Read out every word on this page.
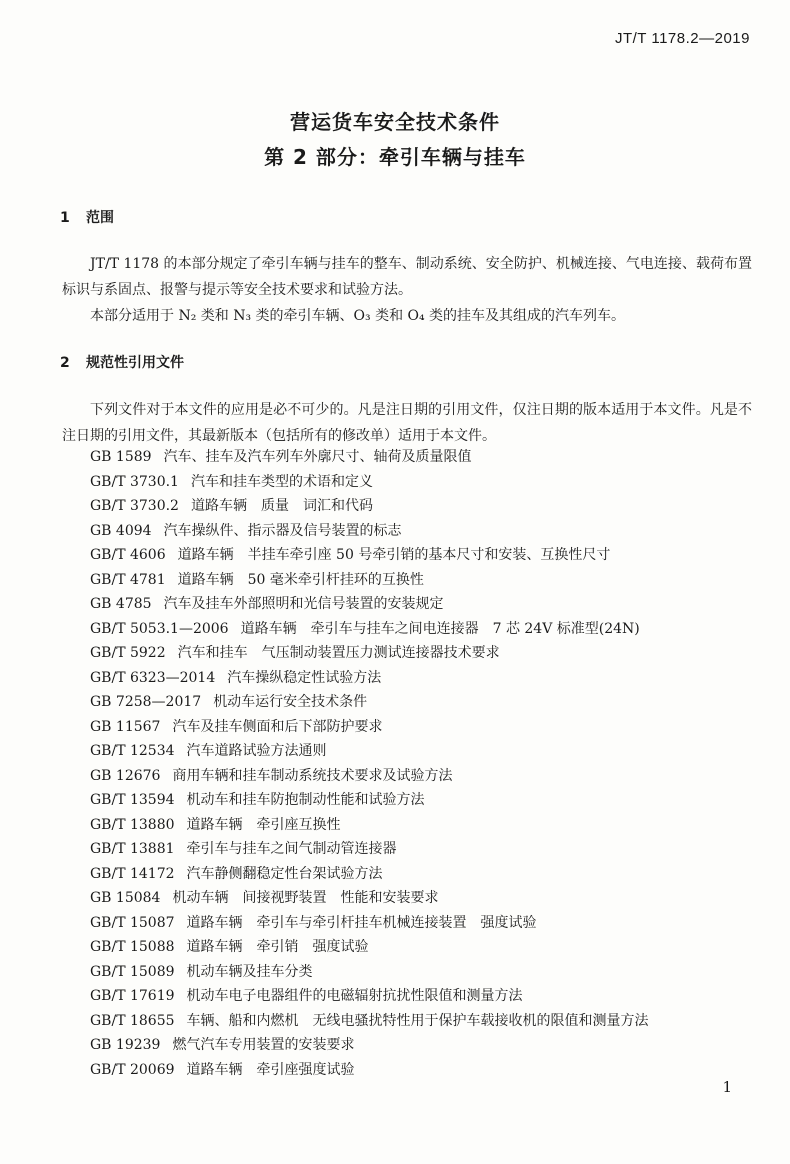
JT/T 1178.2—2019
营运货车安全技术条件
第 2 部分：牵引车辆与挂车
1 范围
JT/T 1178 的本部分规定了牵引车辆与挂车的整车、制动系统、安全防护、机械连接、气电连接、载荷布置标识与系固点、报警与提示等安全技术要求和试验方法。
本部分适用于 N₂ 类和 N₃ 类的牵引车辆、O₃ 类和 O₄ 类的挂车及其组成的汽车列车。
2 规范性引用文件
下列文件对于本文件的应用是必不可少的。凡是注日期的引用文件，仅注日期的版本适用于本文件。凡是不注日期的引用文件，其最新版本（包括所有的修改单）适用于本文件。
GB 1589 汽车、挂车及汽车列车外廓尺寸、轴荷及质量限值
GB/T 3730.1 汽车和挂车类型的术语和定义
GB/T 3730.2 道路车辆　质量　词汇和代码
GB 4094 汽车操纵件、指示器及信号装置的标志
GB/T 4606 道路车辆　半挂车牵引座 50 号牵引销的基本尺寸和安装、互换性尺寸
GB/T 4781 道路车辆　50 毫米牵引杆挂环的互换性
GB 4785 汽车及挂车外部照明和光信号装置的安装规定
GB/T 5053.1—2006 道路车辆　牵引车与挂车之间电连接器　7 芯 24V 标准型(24N)
GB/T 5922 汽车和挂车　气压制动装置压力测试连接器技术要求
GB/T 6323—2014 汽车操纵稳定性试验方法
GB 7258—2017 机动车运行安全技术条件
GB 11567 汽车及挂车侧面和后下部防护要求
GB/T 12534 汽车道路试验方法通则
GB 12676 商用车辆和挂车制动系统技术要求及试验方法
GB/T 13594 机动车和挂车防抱制动性能和试验方法
GB/T 13880 道路车辆　牵引座互换性
GB/T 13881 牵引车与挂车之间气制动管连接器
GB/T 14172 汽车静侧翻稳定性台架试验方法
GB 15084 机动车辆　间接视野装置　性能和安装要求
GB/T 15087 道路车辆　牵引车与牵引杆挂车机械连接装置　强度试验
GB/T 15088 道路车辆　牵引销　强度试验
GB/T 15089 机动车辆及挂车分类
GB/T 17619 机动车电子电器组件的电磁辐射抗扰性限值和测量方法
GB/T 18655 车辆、船和内燃机　无线电骚扰特性用于保护车载接收机的限值和测量方法
GB 19239 燃气汽车专用装置的安装要求
GB/T 20069 道路车辆　牵引座强度试验
1
